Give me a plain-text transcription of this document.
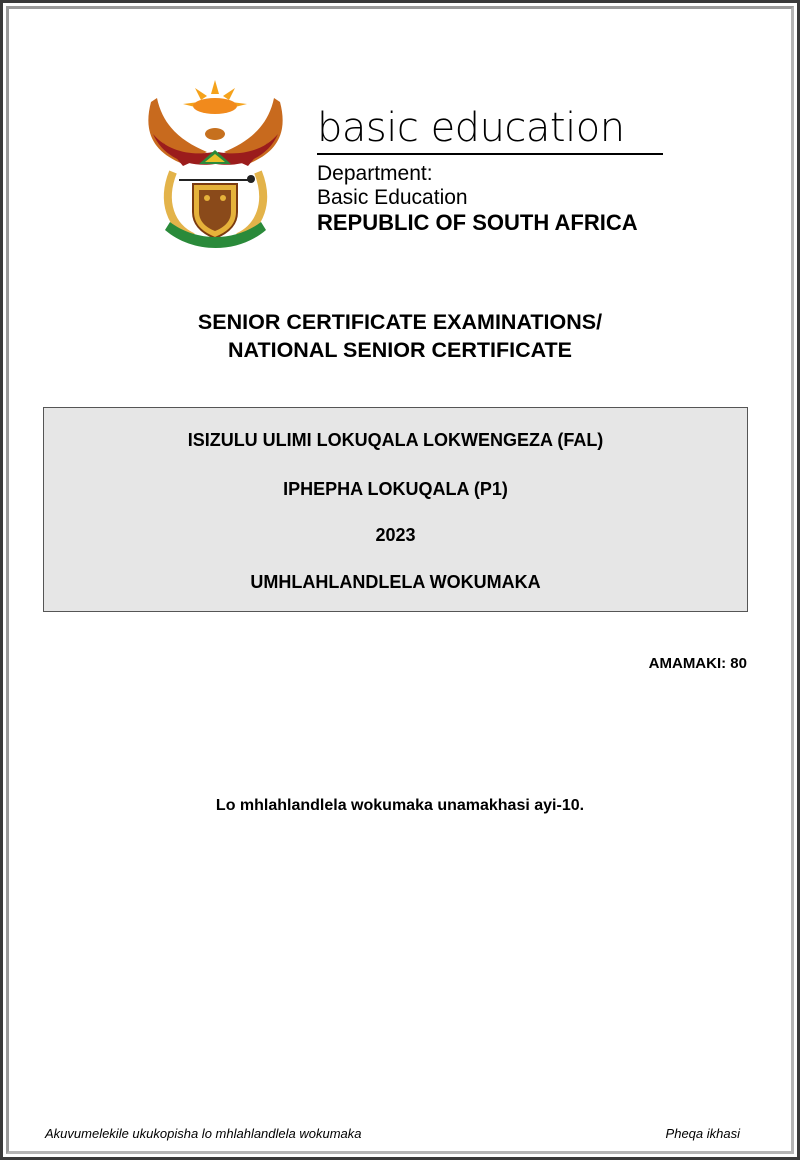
basic education
Department:
Basic Education
REPUBLIC OF SOUTH AFRICA
SENIOR CERTIFICATE EXAMINATIONS/
NATIONAL SENIOR CERTIFICATE
ISIZULU ULIMI LOKUQALA LOKWENGEZA (FAL)
IPHEPHA LOKUQALA (P1)
2023
UMHLAHLANDLELA WOKUMAKA
AMAMAKI: 80
Lo mhlahlandlela wokumaka unamakhasi ayi-10.
Akuvumelekile ukukopisha lo mhlahlandlela wokumaka	Pheqa ikhasi
